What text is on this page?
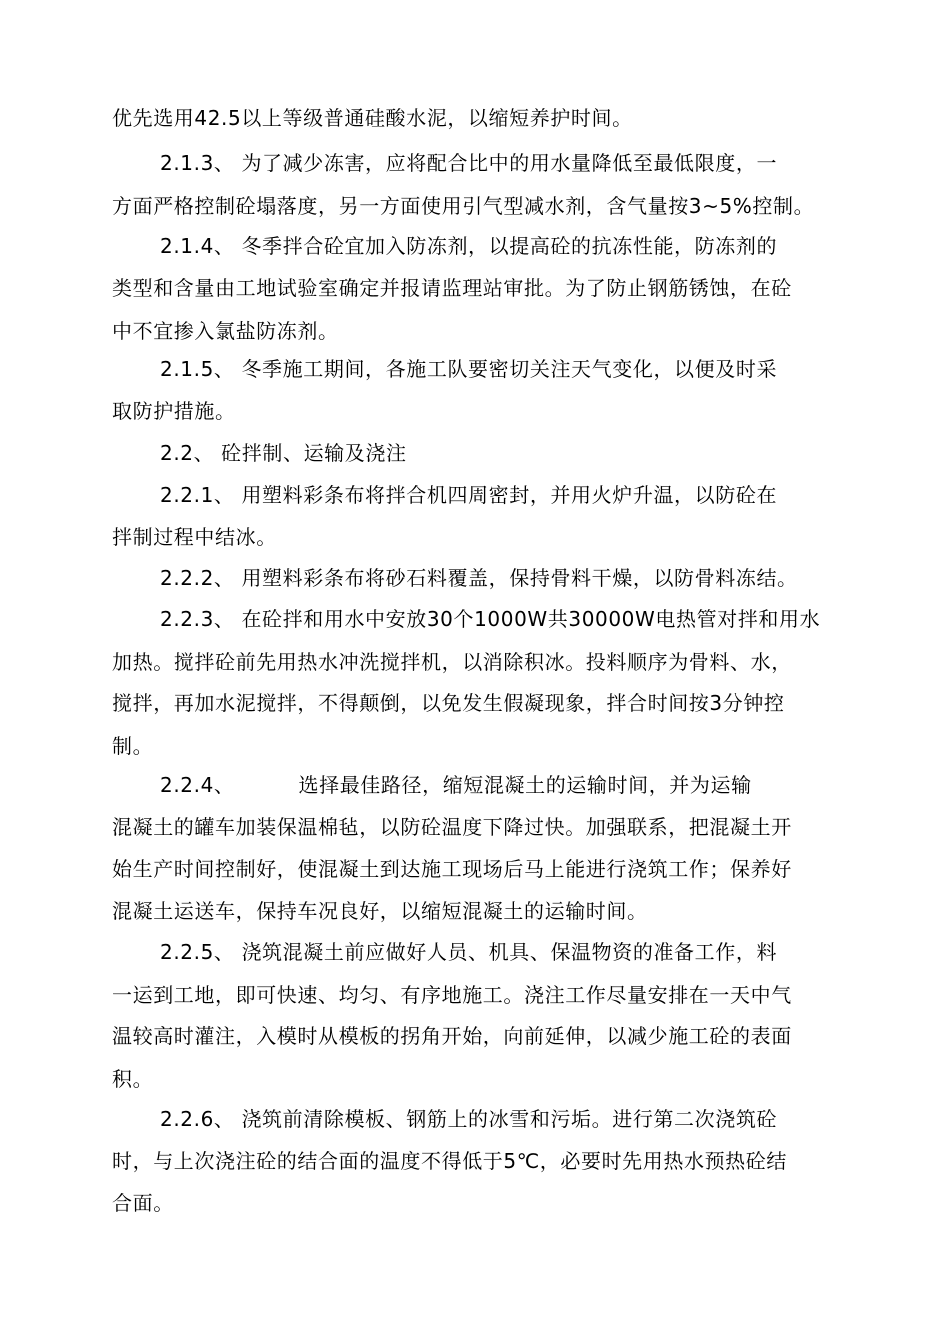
优先选用42.5以上等级普通硅酸水泥，以缩短养护时间。
2.1.3、 为了减少冻害，应将配合比中的用水量降低至最低限度，一
方面严格控制砼塌落度，另一方面使用引气型减水剂，含气量按3~5%控制。
2.1.4、 冬季拌合砼宜加入防冻剂，以提高砼的抗冻性能，防冻剂的
类型和含量由工地试验室确定并报请监理站审批。为了防止钢筋锈蚀，在砼
中不宜掺入氯盐防冻剂。
2.1.5、 冬季施工期间，各施工队要密切关注天气变化，以便及时采
取防护措施。
2.2、 砼拌制、运输及浇注
2.2.1、 用塑料彩条布将拌合机四周密封，并用火炉升温，以防砼在
拌制过程中结冰。
2.2.2、 用塑料彩条布将砂石料覆盖，保持骨料干燥，以防骨料冻结。
2.2.3、 在砼拌和用水中安放30个1000W共30000W电热管对拌和用水
加热。搅拌砼前先用热水冲洗搅拌机，以消除积冰。投料顺序为骨料、水，
搅拌，再加水泥搅拌，不得颠倒，以免发生假凝现象，拌合时间按3分钟控
制。
2.2.4、	选择最佳路径，缩短混凝土的运输时间，并为运输
混凝土的罐车加装保温棉毡，以防砼温度下降过快。加强联系，把混凝土开
始生产时间控制好，使混凝土到达施工现场后马上能进行浇筑工作；保养好
混凝土运送车，保持车况良好，以缩短混凝土的运输时间。
2.2.5、 浇筑混凝土前应做好人员、机具、保温物资的准备工作，料
一运到工地，即可快速、均匀、有序地施工。浇注工作尽量安排在一天中气
温较高时灌注，入模时从模板的拐角开始，向前延伸，以减少施工砼的表面
积。
2.2.6、 浇筑前清除模板、钢筋上的冰雪和污垢。进行第二次浇筑砼
时，与上次浇注砼的结合面的温度不得低于5℃，必要时先用热水预热砼结
合面。
